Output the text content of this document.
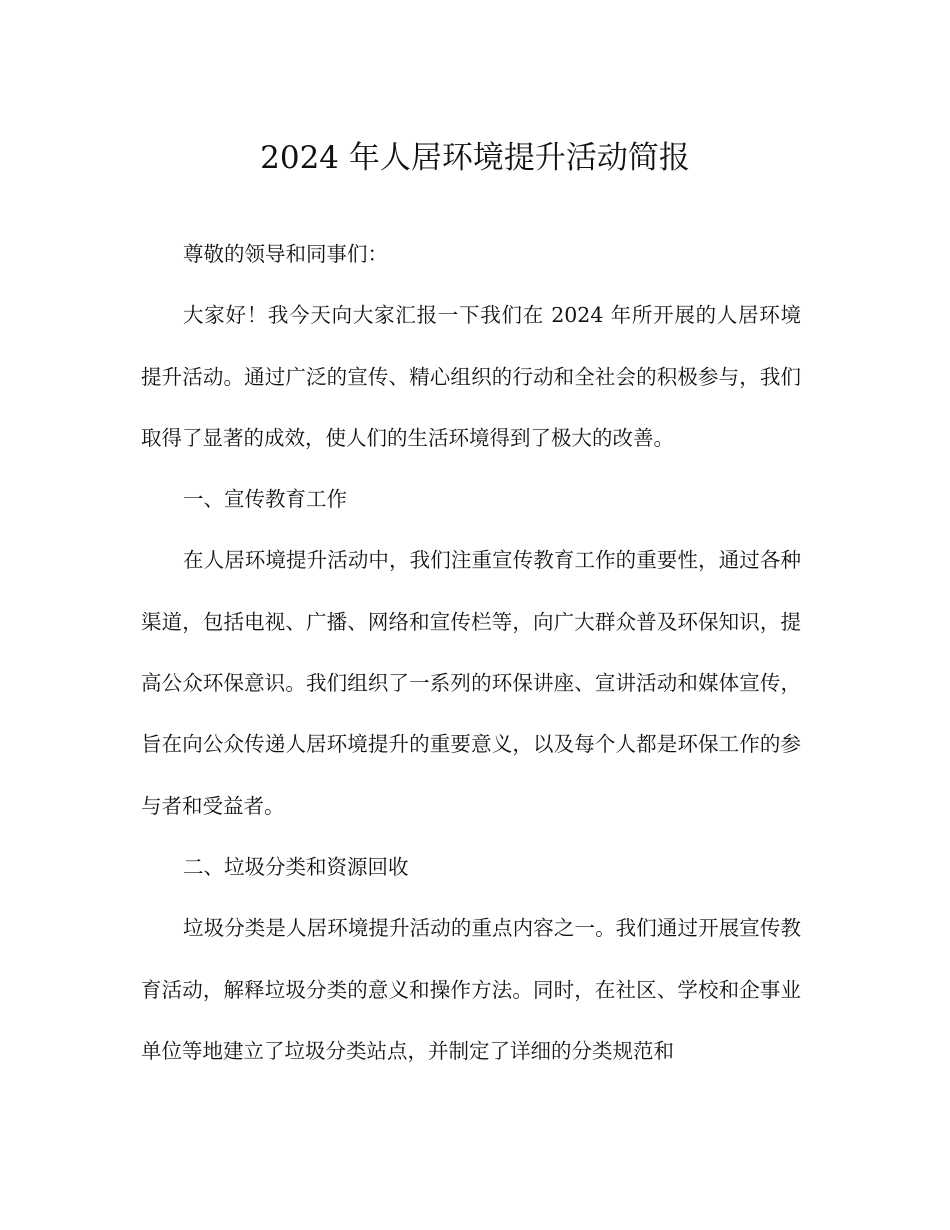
2024 年人居环境提升活动简报

尊敬的领导和同事们：

大家好！我今天向大家汇报一下我们在 2024 年所开展的人居环境提升活动。通过广泛的宣传、精心组织的行动和全社会的积极参与，我们取得了显著的成效，使人们的生活环境得到了极大的改善。

一、宣传教育工作

在人居环境提升活动中，我们注重宣传教育工作的重要性，通过各种渠道，包括电视、广播、网络和宣传栏等，向广大群众普及环保知识，提高公众环保意识。我们组织了一系列的环保讲座、宣讲活动和媒体宣传，旨在向公众传递人居环境提升的重要意义，以及每个人都是环保工作的参与者和受益者。

二、垃圾分类和资源回收

垃圾分类是人居环境提升活动的重点内容之一。我们通过开展宣传教育活动，解释垃圾分类的意义和操作方法。同时，在社区、学校和企事业单位等地建立了垃圾分类站点，并制定了详细的分类规范和
